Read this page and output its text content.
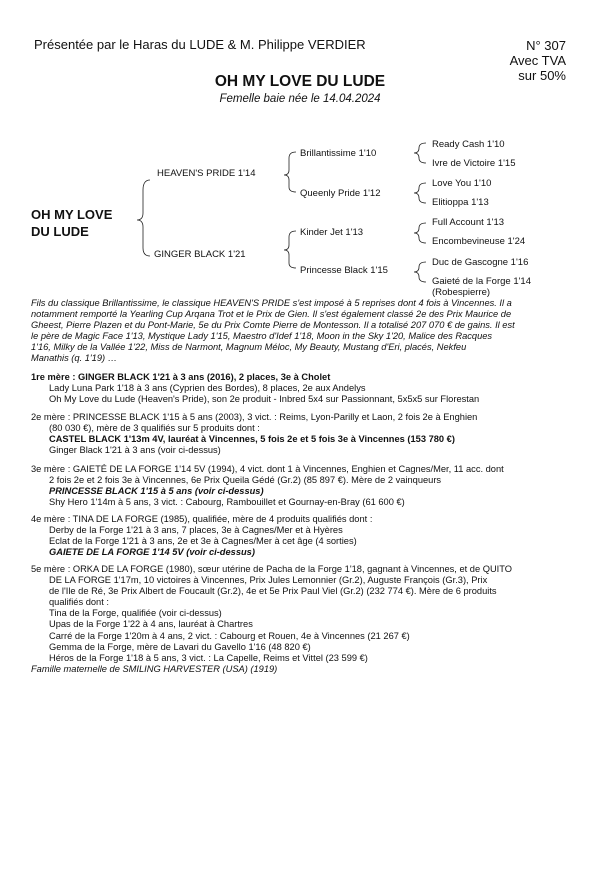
Présentée par le Haras du LUDE & M. Philippe VERDIER	N° 307
Avec TVA
sur 50%
OH MY LOVE DU LUDE
Femelle baie née le 14.04.2024
OH MY LOVE
DU LUDE
HEAVEN'S PRIDE 1'14
GINGER BLACK 1'21
Brillantissime 1'10
Queenly Pride 1'12
Kinder Jet 1'13
Princesse Black 1'15
Ready Cash 1'10
Ivre de Victoire 1'15
Love You 1'10
Elitioppa 1'13
Full Account 1'13
Encombevineuse 1'24
Duc de Gascogne 1'16
Gaieté de la Forge 1'14
(Robespierre)
Fils du classique Brillantissime, le classique HEAVEN'S PRIDE s'est imposé à 5 reprises dont 4 fois à Vincennes. Il a
notamment remporté la Yearling Cup Arqana Trot et le Prix de Gien. Il s'est également classé 2e des Prix Maurice de
Gheest, Pierre Plazen et du Pont-Marie, 5e du Prix Comte Pierre de Montesson. Il a totalisé 207 070 € de gains. Il est
le père de Magic Face 1'13, Mystique Lady 1'15, Maestro d'Idef 1'18, Moon in the Sky 1'20, Malice des Racques
1'16, Milky de la Vallée 1'22, Miss de Narmont, Magnum Méloc, My Beauty, Mustang d'Eri, placés, Nekfeu
Manathis (q. 1'19) …
1re mère : GINGER BLACK 1'21 à 3 ans (2016), 2 places, 3e à Cholet
Lady Luna Park 1'18 à 3 ans (Cyprien des Bordes), 8 places, 2e aux Andelys
Oh My Love du Lude (Heaven's Pride), son 2e produit - Inbred 5x4 sur Passionnant, 5x5x5 sur Florestan
2e mère : PRINCESSE BLACK 1'15 à 5 ans (2003), 3 vict. : Reims, Lyon-Parilly et Laon, 2 fois 2e à Enghien
(80 030 €), mère de 3 qualifiés sur 5 produits dont :
CASTEL BLACK 1'13m 4V, lauréat à Vincennes, 5 fois 2e et 5 fois 3e à Vincennes (153 780 €)
Ginger Black 1'21 à 3 ans (voir ci-dessus)
3e mère : GAIETÉ DE LA FORGE 1'14 5V (1994), 4 vict. dont 1 à Vincennes, Enghien et Cagnes/Mer, 11 acc. dont
2 fois 2e et 2 fois 3e à Vincennes, 6e Prix Queila Gédé (Gr.2) (85 897 €). Mère de 2 vainqueurs
PRINCESSE BLACK 1'15 à 5 ans (voir ci-dessus)
Shy Hero 1'14m à 5 ans, 3 vict. : Cabourg, Rambouillet et Gournay-en-Bray (61 600 €)
4e mère : TINA DE LA FORGE (1985), qualifiée, mère de 4 produits qualifiés dont :
Derby de la Forge 1'21 à 3 ans, 7 places, 3e à Cagnes/Mer et à Hyères
Eclat de la Forge 1'21 à 3 ans, 2e et 3e à Cagnes/Mer à cet âge (4 sorties)
GAIETE DE LA FORGE 1'14 5V (voir ci-dessus)
5e mère : ORKA DE LA FORGE (1980), sœur utérine de Pacha de la Forge 1'18, gagnant à Vincennes, et de QUITO
DE LA FORGE 1'17m, 10 victoires à Vincennes, Prix Jules Lemonnier (Gr.2), Auguste François (Gr.3), Prix
de l'Ile de Ré, 3e Prix Albert de Foucault (Gr.2), 4e et 5e Prix Paul Viel (Gr.2) (232 774 €). Mère de 6 produits
qualifiés dont :
Tina de la Forge, qualifiée (voir ci-dessus)
Upas de la Forge 1'22 à 4 ans, lauréat à Chartres
Carré de la Forge 1'20m à 4 ans, 2 vict. : Cabourg et Rouen, 4e à Vincennes (21 267 €)
Gemma de la Forge, mère de Lavari du Gavello 1'16 (48 820 €)
Héros de la Forge 1'18 à 5 ans, 3 vict. : La Capelle, Reims et Vittel (23 599 €)
Famille maternelle de SMILING HARVESTER (USA) (1919)
